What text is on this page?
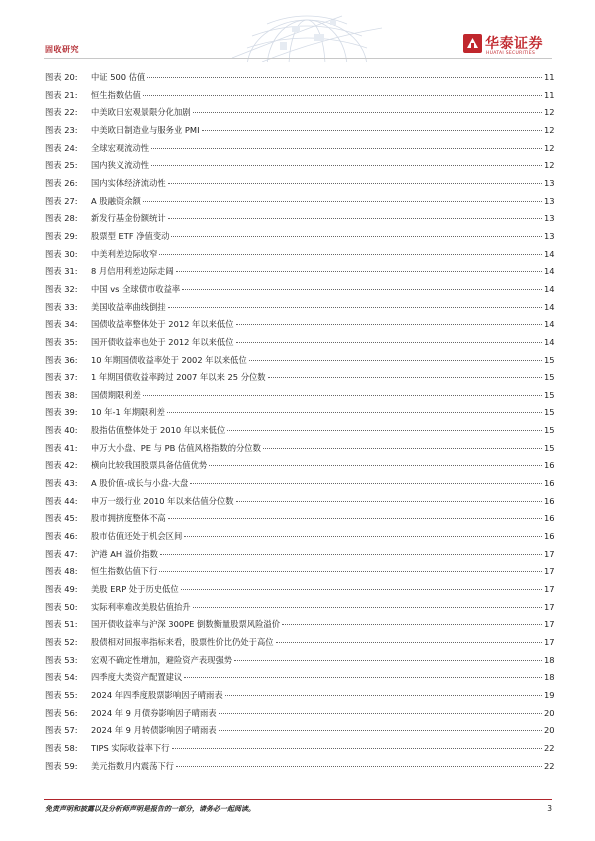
固收研究	华泰证券
HUATAI SECURITIES
图表 20:	中证 500 估值	11
图表 21:	恒生指数估值	11
图表 22:	中美欧日宏观景限分化加剧	12
图表 23:	中美欧日制造业与服务业 PMI	12
图表 24:	全球宏观流动性	12
图表 25:	国内狭义流动性	12
图表 26:	国内实体经济流动性	13
图表 27:	A 股融资余额	13
图表 28:	新发行基金份额统计	13
图表 29:	股票型 ETF 净值变动	13
图表 30:	中美利差边际收窄	14
图表 31:	8 月信用利差边际走阔	14
图表 32:	中国 vs 全球债市收益率	14
图表 33:	美国收益率曲线倒挂	14
图表 34:	国债收益率整体处于 2012 年以来低位	14
图表 35:	国开债收益率也处于 2012 年以来低位	14
图表 36:	10 年期国债收益率处于 2002 年以来低位	15
图表 37:	1 年期国债收益率跨过 2007 年以来 25 分位数	15
图表 38:	国债期限利差	15
图表 39:	10 年-1 年期限利差	15
图表 40:	股指估值整体处于 2010 年以来低位	15
图表 41:	申万大小盘、PE 与 PB 估值风格指数的分位数	15
图表 42:	横向比较我国股票具备估值优势	16
图表 43:	A 股价值-成长与小盘-大盘	16
图表 44:	申万一级行业 2010 年以来估值分位数	16
图表 45:	股市拥挤度整体不高	16
图表 46:	股市估值还处于机会区间	16
图表 47:	沪港 AH 溢价指数	17
图表 48:	恒生指数估值下行	17
图表 49:	美股 ERP 处于历史低位	17
图表 50:	实际利率难改美股估值抬升	17
图表 51:	国开债收益率与沪深 300PE 倒数衡量股票风险溢价	17
图表 52:	股债相对回报率指标来看，股票性价比仍处于高位	17
图表 53:	宏观不确定性增加，避险资产表现强势	18
图表 54:	四季度大类资产配置建议	18
图表 55:	2024 年四季度股票影响因子晴雨表	19
图表 56:	2024 年 9 月债券影响因子晴雨表	20
图表 57:	2024 年 9 月转债影响因子晴雨表	20
图表 58:	TIPS 实际收益率下行	22
图表 59:	美元指数月内震荡下行	22
免责声明和披露以及分析师声明是报告的一部分，请务必一起阅读。	3
